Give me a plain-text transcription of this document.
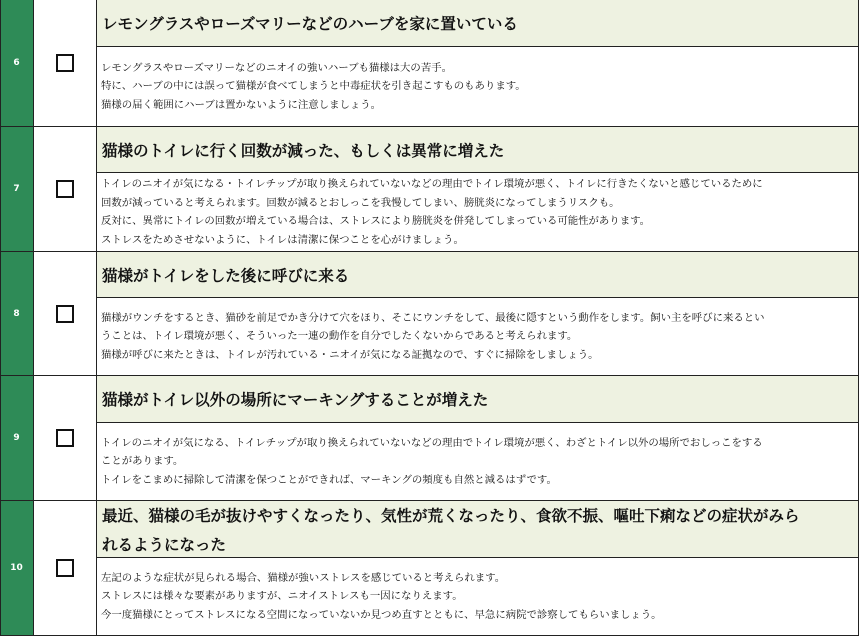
6
レモングラスやローズマリーなどのハーブを家に置いている
レモングラスやローズマリーなどのニオイの強いハーブも猫様は大の苦手。
特に、ハーブの中には誤って猫様が食べてしまうと中毒症状を引き起こすものもあります。
猫様の届く範囲にハーブは置かないように注意しましょう。
7
猫様のトイレに行く回数が減った、もしくは異常に増えた
トイレのニオイが気になる・トイレチップが取り換えられていないなどの理由でトイレ環境が悪く、トイレに行きたくないと感じているために
回数が減っていると考えられます。回数が減るとおしっこを我慢してしまい、膀胱炎になってしまうリスクも。
反対に、異常にトイレの回数が増えている場合は、ストレスにより膀胱炎を併発してしまっている可能性があります。
ストレスをためさせないように、トイレは清潔に保つことを心がけましょう。
8
猫様がトイレをした後に呼びに来る
猫様がウンチをするとき、猫砂を前足でかき分けて穴をほり、そこにウンチをして、最後に隠すという動作をします。飼い主を呼びに来るとい
うことは、トイレ環境が悪く、そういった一連の動作を自分でしたくないからであると考えられます。
猫様が呼びに来たときは、トイレが汚れている・ニオイが気になる証拠なので、すぐに掃除をしましょう。
9
猫様がトイレ以外の場所にマーキングすることが増えた
トイレのニオイが気になる、トイレチップが取り換えられていないなどの理由でトイレ環境が悪く、わざとトイレ以外の場所でおしっこをする
ことがあります。
トイレをこまめに掃除して清潔を保つことができれば、マーキングの頻度も自然と減るはずです。
10
最近、猫様の毛が抜けやすくなったり、気性が荒くなったり、食欲不振、嘔吐下痢などの症状がみら
れるようになった
左記のような症状が見られる場合、猫様が強いストレスを感じていると考えられます。
ストレスには様々な要素がありますが、ニオイストレスも一因になりえます。
今一度猫様にとってストレスになる空間になっていないか見つめ直すとともに、早急に病院で診察してもらいましょう。
